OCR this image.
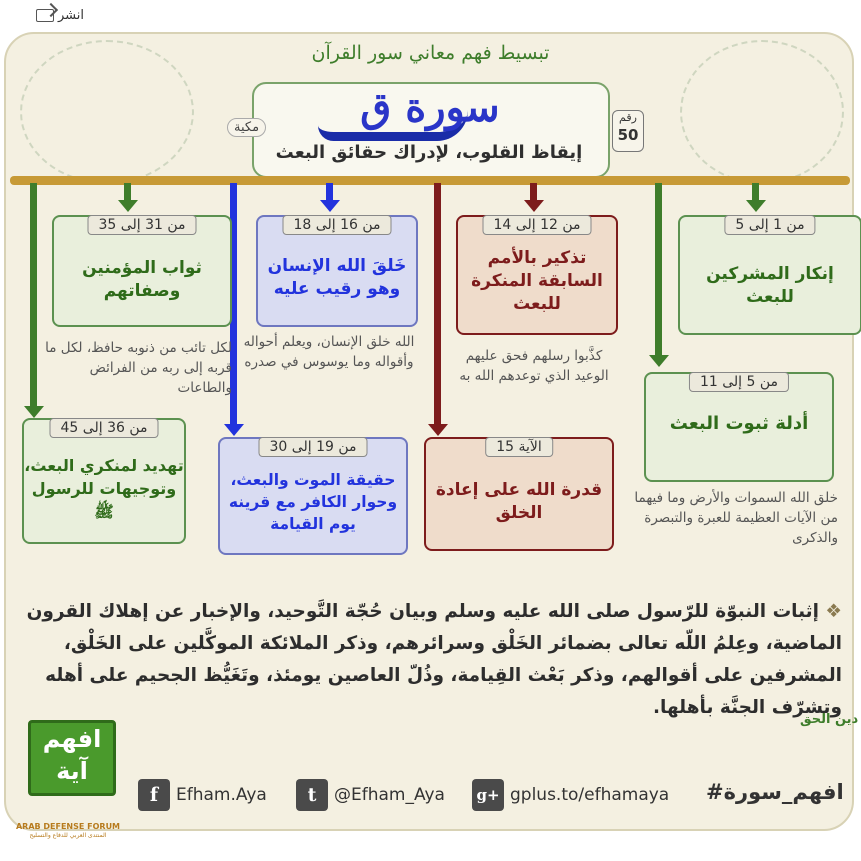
انشر
تبسيط فهم معاني سور القرآن
سورة ق
إيقاظ القلوب، لإدراك حقائق البعث
رقم
50
مكية
من 1 إلى 5
إنكار المشركين للبعث
من 5 إلى 11
أدلة ثبوت البعث
خلق الله السموات والأرض وما فيهما من الآيات العظيمة للعبرة والتبصرة والذكرى
من 12 إلى 14
تذكير بالأمم السابقة المنكرة للبعث
كذَّبوا رسلهم فحق عليهم الوعيد الذي توعدهم الله به
الآية 15
قدرة الله على إعادة الخلق
من 16 إلى 18
خَلقَ الله الإنسان وهو رقيب عليه
الله خلق الإنسان، ويعلم أحواله وأقواله وما يوسوس في صدره
من 19 إلى 30
حقيقة الموت والبعث، وحوار الكافر مع قرينه يوم القيامة
من 31 إلى 35
ثواب المؤمنين وصفاتهم
لكل تائب من ذنوبه حافظ، لكل ما قربه إلى ربه من الفرائض والطاعات
من 36 إلى 45
تهديد لمنكري البعث، وتوجيهات للرسول ﷺ
❖ إثبات النبوّة للرّسول صلى الله عليه وسلم وبيان حُجّة التَّوحيد، والإخبار عن إهلاك القرون الماضية، وعِلمُ اللّه تعالى بضمائر الخَلْق وسرائرهم، وذكر الملائكة الموكَّلين على الخَلْق، المشرفين على أقوالهم، وذكر بَعْث القِيامة، وذُلّ العاصين يومئذ، وتَغَيُّظ الجحيم على أهله وتشرّف الجنَّة بأهلها.
افهم آية
ARAB DEFENSE FORUM
المنتدى العربي للدفاع والتسليح
دين الحق
f	Efham.Aya	t	@Efham_Aya g+ gplus.to/efhamaya #افهم_سورة
